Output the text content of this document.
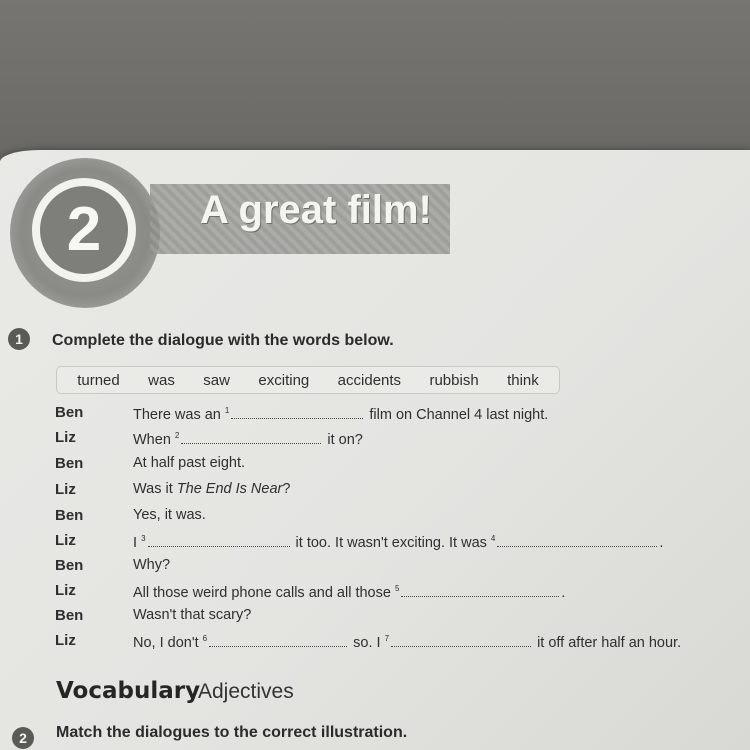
2 A great film!
1	Complete the dialogue with the words below.
turned was saw exciting accidents rubbish think
Ben	There was an $^1$	film on Channel 4 last night.
Liz	When $^2$	it on?
Ben	At half past eight.
Liz	Was it The End Is Near?
Ben	Yes, it was.
Liz	I $^3$	it too. It wasn't exciting. It was $^4$	.
Ben	Why?
Liz	All those weird phone calls and all those $^5$	.
Ben	Wasn't that scary?
Liz	No, I don't $^6$	so. I $^7$	it off after half an hour.
Vocabulary
Adjectives
2	Match the dialogues to the correct illustration.
